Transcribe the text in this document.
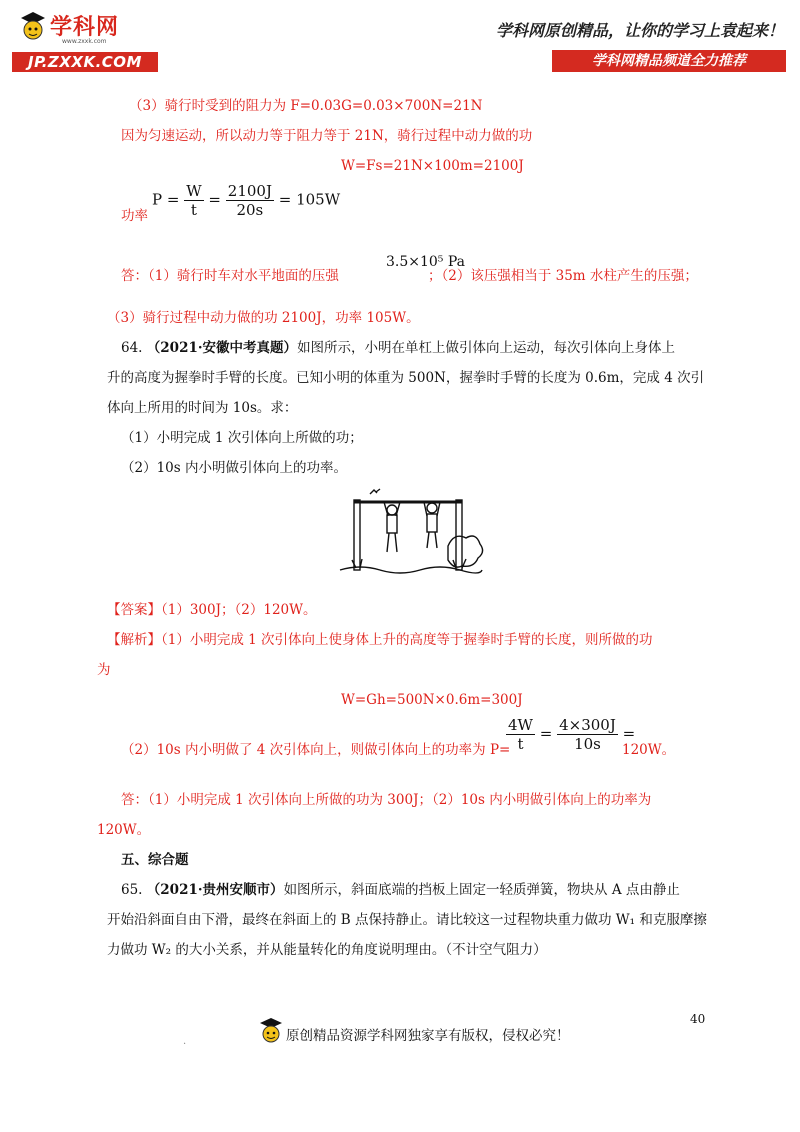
学科网
www.zxxk.com
JP.ZXXK.COM
学科网原创精品，让你的学习上袁起来！
学科网精品频道全力推荐
（3）骑行时受到的阻力为 F=0.03G=0.03×700N=21N
因为匀速运动，所以动力等于阻力等于 21N，骑行过程中动力做的功
W=Fs=21N×100m=2100J
功率
$P = \frac{W}{t} = \frac{2100J}{20s} = 105W$
答：（1）骑行时车对水平地面的压强
3.5×10⁵ Pa
；（2）该压强相当于 35m 水柱产生的压强；
（3）骑行过程中动力做的功 2100J，功率 105W。
64. （2021·安徽中考真题）如图所示，小明在单杠上做引体向上运动，每次引体向上身体上
升的高度为握拳时手臂的长度。已知小明的体重为 500N，握拳时手臂的长度为 0.6m，完成 4 次引
体向上所用的时间为 10s。求：
（1）小明完成 1 次引体向上所做的功；
（2）10s 内小明做引体向上的功率。
【答案】（1）300J；（2）120W。
【解析】（1）小明完成 1 次引体向上使身体上升的高度等于握拳时手臂的长度，则所做的功
为
W=Gh=500N×0.6m=300J
（2）10s 内小明做了 4 次引体向上，则做引体向上的功率为 P=
$\frac{4W}{t} = \frac{4\times 300J}{10s}$ =
120W。
答：（1）小明完成 1 次引体向上所做的功为 300J；（2）10s 内小明做引体向上的功率为
120W。
五、综合题
65. （2021·贵州安顺市）如图所示，斜面底端的挡板上固定一轻质弹簧，物块从 A 点由静止
开始沿斜面自由下滑，最终在斜面上的 B 点保持静止。请比较这一过程物块重力做功 W₁ 和克服摩擦
力做功 W₂ 的大小关系，并从能量转化的角度说明理由。（不计空气阻力）
40
.	原创精品资源学科网独家享有版权，侵权必究！
